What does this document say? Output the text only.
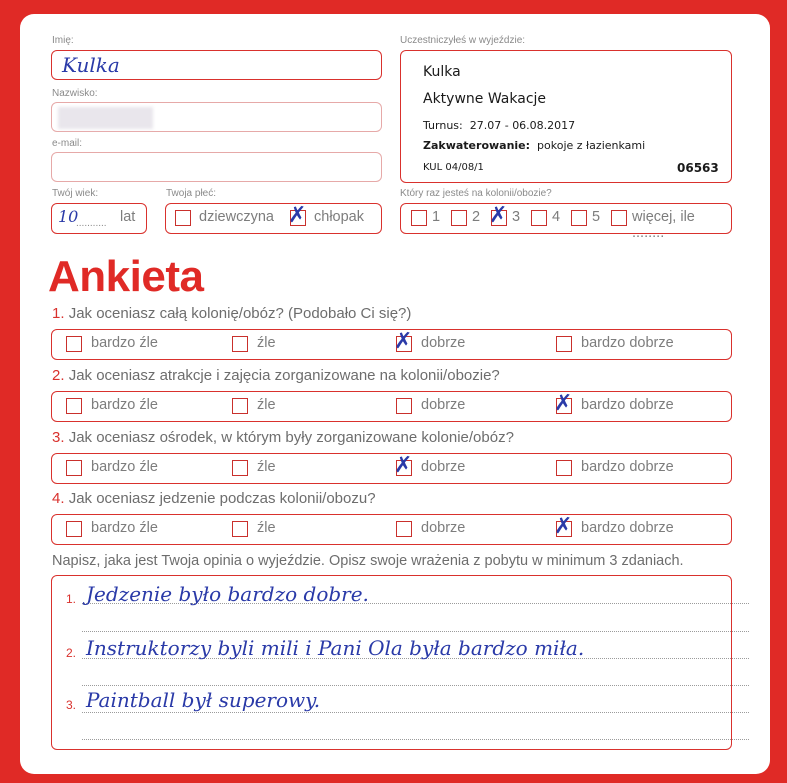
Imię:
Kulka
Nazwisko:
e-mail:
Uczestniczyłeś w wyjeździe:
Kulka
Aktywne Wakacje
Turnus: 27.07 - 06.08.2017
Zakwaterowanie: pokoje z łazienkami
KUL 04/08/1	06563
Twój wiek:
10
........... lat
Twoja płeć:
dziewczyna ✗ chłopak
Który raz jesteś na kolonii/obozie?
1 2 ✗ 3 4 5 więcej, ile ........
Ankieta
1. Jak oceniasz całą kolonię/obóz? (Podobało Ci się?)
bardzo źle	źle	✗ dobrze	bardzo dobrze
2. Jak oceniasz atrakcje i zajęcia zorganizowane na kolonii/obozie?
bardzo źle	źle	dobrze	✗ bardzo dobrze
3. Jak oceniasz ośrodek, w którym były zorganizowane kolonie/obóz?
bardzo źle	źle	✗ dobrze	bardzo dobrze
4. Jak oceniasz jedzenie podczas kolonii/obozu?
bardzo źle	źle	dobrze	✗ bardzo dobrze
Napisz, jaka jest Twoja opinia o wyjeździe. Opisz swoje wrażenia z pobytu w minimum 3 zdaniach.
1. Jedzenie było bardzo dobre.
2. Instruktorzy byli mili i Pani Ola była bardzo miła.
3. Paintball był superowy.
